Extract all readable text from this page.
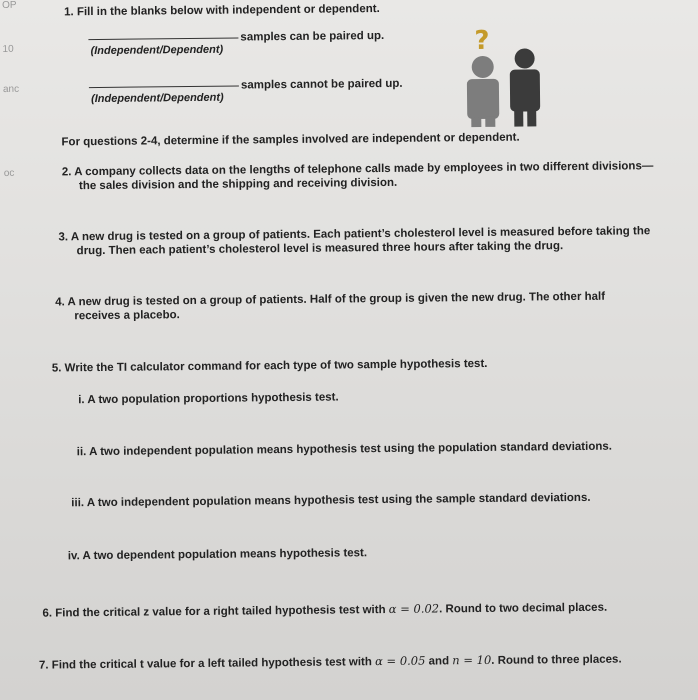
OP
10
anc
oc
1. Fill in the blanks below with independent or dependent.
samples can be paired up.
(Independent/Dependent)
samples cannot be paired up.
(Independent/Dependent)
?
For questions 2-4, determine if the samples involved are independent or dependent.
2. A company collects data on the lengths of telephone calls made by employees in two different divisions—
the sales division and the shipping and receiving division.
3. A new drug is tested on a group of patients. Each patient’s cholesterol level is measured before taking the
drug. Then each patient’s cholesterol level is measured three hours after taking the drug.
4. A new drug is tested on a group of patients. Half of the group is given the new drug. The other half
receives a placebo.
5. Write the TI calculator command for each type of two sample hypothesis test.
i. A two population proportions hypothesis test.
ii. A two independent population means hypothesis test using the population standard deviations.
iii. A two independent population means hypothesis test using the sample standard deviations.
iv. A two dependent population means hypothesis test.
6. Find the critical z value for a right tailed hypothesis test with α = 0.02. Round to two decimal places.
7. Find the critical t value for a left tailed hypothesis test with α = 0.05 and n = 10. Round to three places.
